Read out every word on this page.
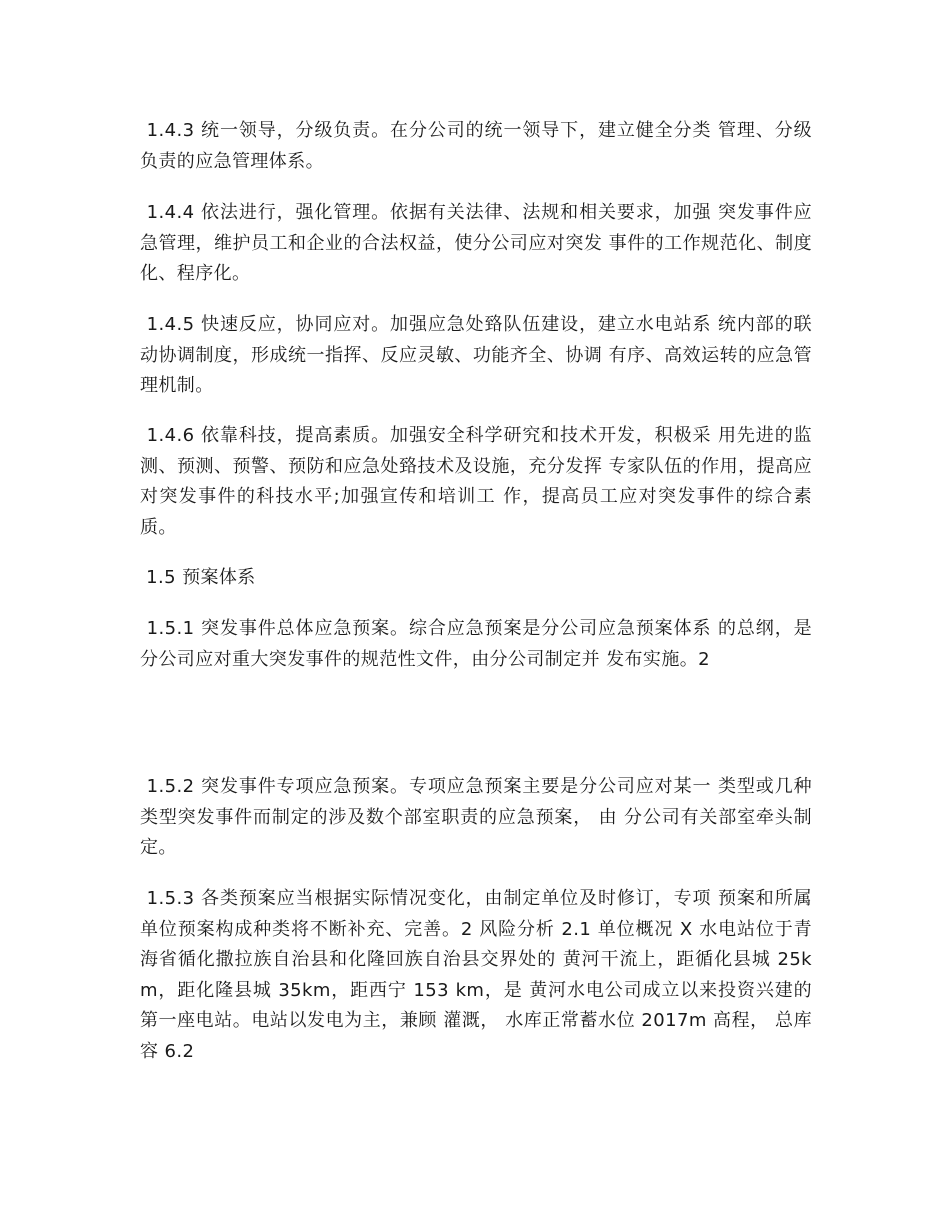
1.4.3 统一领导，分级负责。在分公司的统一领导下，建立健全分类 管理、分级负责的应急管理体系。

1.4.4 依法进行，强化管理。依据有关法律、法规和相关要求，加强 突发事件应急管理，维护员工和企业的合法权益，使分公司应对突发 事件的工作规范化、制度化、程序化。

1.4.5 快速反应，协同应对。加强应急处臵队伍建设，建立水电站系 统内部的联动协调制度，形成统一指挥、反应灵敏、功能齐全、协调 有序、高效运转的应急管理机制。

1.4.6 依靠科技，提高素质。加强安全科学研究和技术开发，积极采 用先进的监测、预测、预警、预防和应急处臵技术及设施，充分发挥 专家队伍的作用，提高应对突发事件的科技水平;加强宣传和培训工 作，提高员工应对突发事件的综合素质。

1.5 预案体系

1.5.1 突发事件总体应急预案。综合应急预案是分公司应急预案体系 的总纲，是分公司应对重大突发事件的规范性文件，由分公司制定并 发布实施。2

1.5.2 突发事件专项应急预案。专项应急预案主要是分公司应对某一 类型或几种类型突发事件而制定的涉及数个部室职责的应急预案， 由 分公司有关部室牵头制定。

1.5.3 各类预案应当根据实际情况变化，由制定单位及时修订，专项 预案和所属单位预案构成种类将不断补充、完善。2 风险分析 2.1 单位概况 X 水电站位于青海省循化撒拉族自治县和化隆回族自治县交界处的 黄河干流上，距循化县城 25km，距化隆县城 35km，距西宁 153 km，是 黄河水电公司成立以来投资兴建的第一座电站。电站以发电为主，兼顾 灌溉， 水库正常蓄水位 2017m 高程， 总库容 6.2
